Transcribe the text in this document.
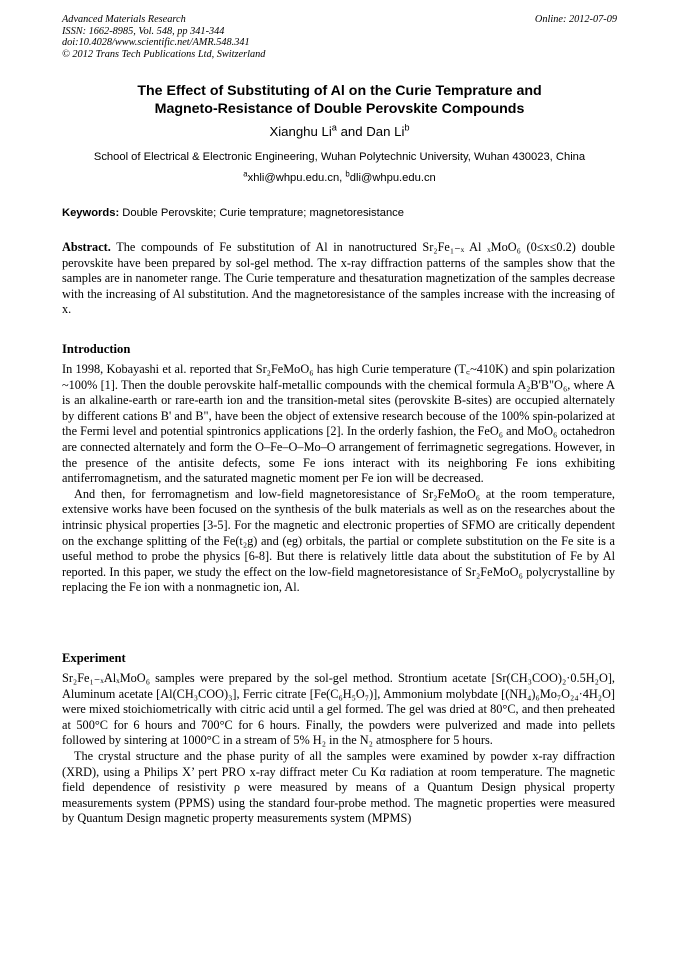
Advanced Materials Research
ISSN: 1662-8985, Vol. 548, pp 341-344
doi:10.4028/www.scientific.net/AMR.548.341
© 2012 Trans Tech Publications Ltd, Switzerland
Online: 2012-07-09
The Effect of Substituting of Al on the Curie Temprature and
Magneto-Resistance of Double Perovskite Compounds
Xianghu Li$^a$ and Dan Li$^b$
School of Electrical & Electronic Engineering, Wuhan Polytechnic University, Wuhan 430023, China
$^a$xhli@whpu.edu.cn, $^b$dli@whpu.edu.cn
Keywords: Double Perovskite; Curie temprature; magnetoresistance

Abstract. The compounds of Fe substitution of Al in nanotructured Sr₂Fe₁₋ₓ Al ₓMoO₆ (0≤x≤0.2) double perovskite have been prepared by sol-gel method. The x-ray diffraction patterns of the samples show that the samples are in nanometer range. The Curie temperature and thesaturation magnetization of the samples decrease with the increasing of Al substitution. And the magnetoresistance of the samples increase with the increasing of x.

Introduction

In 1998, Kobayashi et al. reported that Sr₂FeMoO₆ has high Curie temperature (T꜀~410K) and spin polarization ~100% [1]. Then the double perovskite half-metallic compounds with the chemical formula A₂B'B"O₆, where A is an alkaline-earth or rare-earth ion and the transition-metal sites (perovskite B-sites) are occupied alternately by different cations B' and B", have been the object of extensive research becouse of the 100% spin-polarized at the Fermi level and potential spintronics applications [2]. In the orderly fashion, the FeO₆ and MoO₆ octahedron are connected alternately and form the O–Fe–O–Mo–O arrangement of ferrimagnetic segregations. However, in the presence of the antisite defects, some Fe ions interact with its neighboring Fe ions exhibiting antiferromagnetism, and the saturated magnetic moment per Fe ion will be decreased.

And then, for ferromagnetism and low-field magnetoresistance of Sr₂FeMoO₆ at the room temperature, extensive works have been focused on the synthesis of the bulk materials as well as on the researches about the intrinsic physical properties [3-5]. For the magnetic and electronic properties of SFMO are critically dependent on the exchange splitting of the Fe(t₂g) and (eg) orbitals, the partial or complete substitution on the Fe site is a useful method to probe the physics [6-8]. But there is relatively little data about the substitution of Fe by Al reported. In this paper, we study the effect on the low-field magnetoresistance of Sr₂FeMoO₆ polycrystalline by replacing the Fe ion with a nonmagnetic ion, Al.

Experiment

Sr₂Fe₁₋ₓAlₓMoO₆ samples were prepared by the sol-gel method. Strontium acetate [Sr(CH₃COO)₂·0.5H₂O], Aluminum acetate [Al(CH₃COO)₃], Ferric citrate [Fe(C₆H₅O₇)], Ammonium molybdate [(NH₄)₆Mo₇O₂₄·4H₂O] were mixed stoichiometrically with citric acid until a gel formed. The gel was dried at 80°C, and then preheated at 500°C for 6 hours and 700°C for 6 hours. Finally, the powders were pulverized and made into pellets followed by sintering at 1000°C in a stream of 5% H₂ in the N₂ atmosphere for 5 hours.

The crystal structure and the phase purity of all the samples were examined by powder x-ray diffraction (XRD), using a Philips X’ pert PRO x-ray diffract meter Cu Kα radiation at room temperature. The magnetic field dependence of resistivity ρ were measured by means of a Quantum Design physical property measurements system (PPMS) using the standard four-probe method. The magnetic properties were measured by Quantum Design magnetic property measurements system (MPMS)
